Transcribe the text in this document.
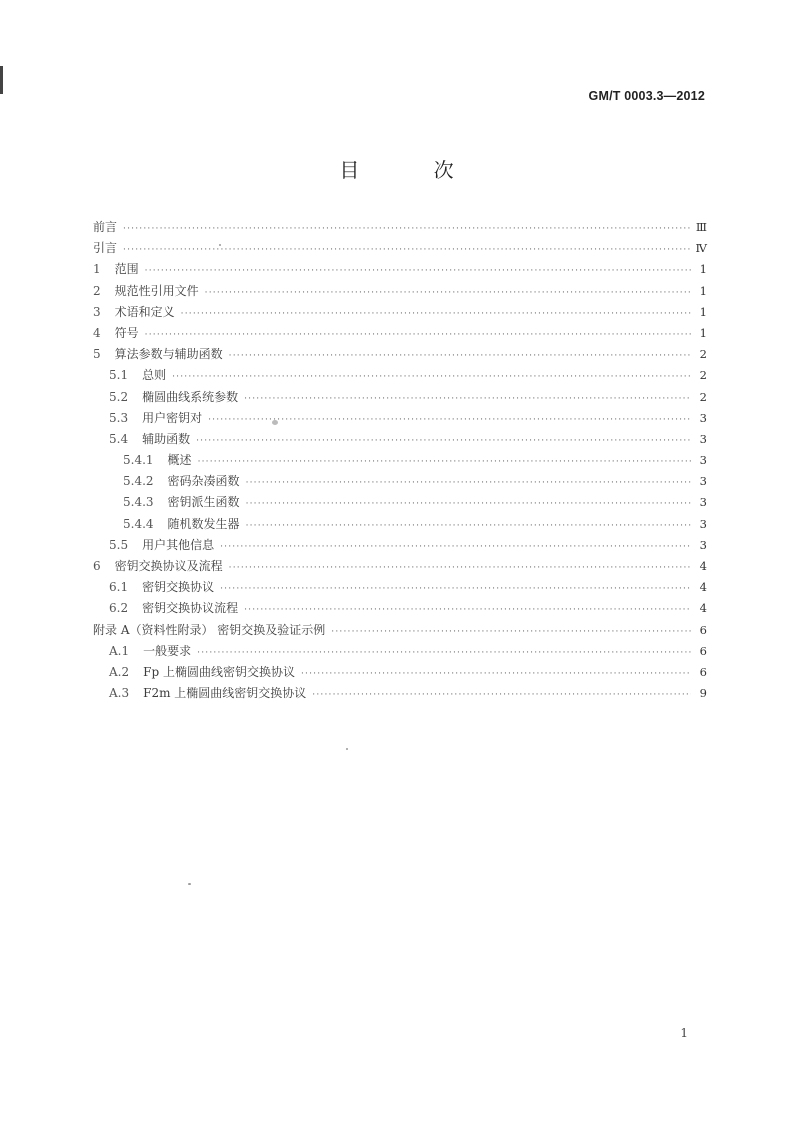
GM/T 0003.3—2012
目 次
前言 ·····	Ⅲ
引言 ·····	Ⅳ
1 范围 ·····	1
2 规范性引用文件 ·····	1
3 术语和定义 ·····	1
4 符号 ·····	1
5 算法参数与辅助函数 ·····	2
5.1 总则 ·····	2
5.2 椭圆曲线系统参数 ·····	2
5.3 用户密钥对 ·····	3
5.4 辅助函数 ·····	3
5.4.1 概述 ·····	3
5.4.2 密码杂凑函数 ·····	3
5.4.3 密钥派生函数 ·····	3
5.4.4 随机数发生器 ·····	3
5.5 用户其他信息 ·····	3
6 密钥交换协议及流程 ·····	4
6.1 密钥交换协议 ·····	4
6.2 密钥交换协议流程 ·····	4
附录 A（资料性附录） 密钥交换及验证示例 ·····	6
A.1 一般要求 ·····	6
A.2 Fp 上椭圆曲线密钥交换协议 ·····	6
A.3 F2m 上椭圆曲线密钥交换协议 ·····	9
1
